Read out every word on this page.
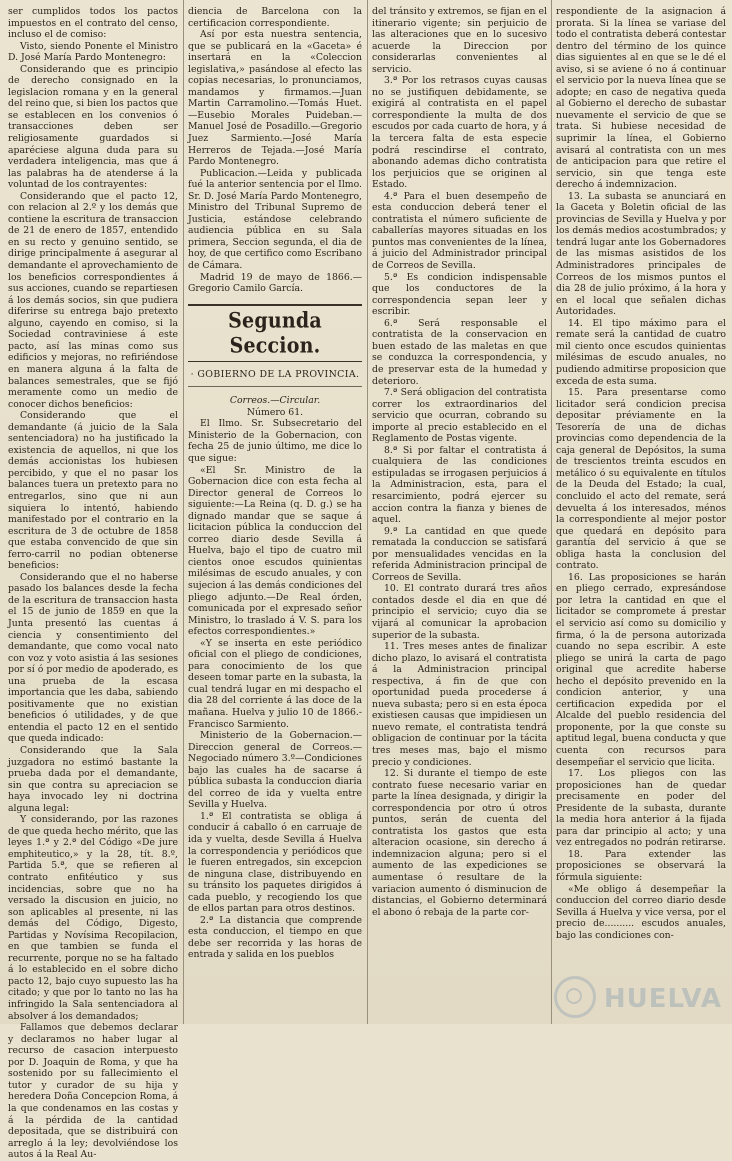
ser cumplidos todos los pactos impuestos en el contrato del censo, incluso el de comiso:

Visto, siendo Ponente el Ministro D. José María Pardo Montenegro:

Considerando que es principio de derecho consignado en la legislacion romana y en la general del reino que, si bien los pactos que se establecen en los convenios ó transacciones deben ser religiosamente guardados si aparéciese alguna duda para su verdadera inteligencia, mas que á las palabras ha de atenderse á la voluntad de los contrayentes:

Considerando que el pacto 12, con relacion al 2.º y los demás que contiene la escritura de transaccion de 21 de enero de 1857, entendido en su recto y genuino sentido, se dirige principalmente á asegurar al demandante el aprovechamiento de los beneficios correspondientes á sus acciones, cuando se repartiesen á los demás socios, sin que pudiera diferirse su entrega bajo pretexto alguno, cayendo en comiso, si la Sociedad contraviniese á este pacto, así las minas como sus edificios y mejoras, no refiriéndose en manera alguna á la falta de balances semestrales, que se fijó meramente como un medio de conocer dichos beneficios:

Considerando que el demandante (á juicio de la Sala sentenciadora) no ha justificado la existencia de aquellos, ni que los demás accionistas los hubiesen percibido, y que el no pasar los balances tuera un pretexto para no entregarlos, sino que ni aun siquiera lo intentó, habiendo manifestado por el contrario en la escritura de 3 de octubre de 1858 que estaba convencido de que sin ferro-carril no podian obtenerse beneficios:

Considerando que el no haberse pasado los balances desde la fecha de la escritura de transaccion hasta el 15 de junio de 1859 en que la Junta presentó las cuentas á ciencia y consentimiento del demandante, que como vocal nato con voz y voto asistia á las sesiones por sí ó por medio de apoderado, es una prueba de la escasa importancia que les daba, sabiendo positivamente que no existian beneficios ó utilidades, y de que entendia el pacto 12 en el sentido que queda indicado:

Considerando que la Sala juzgadora no estimó bastante la prueba dada por el demandante, sin que contra su apreciacion se haya invocado ley ni doctrina alguna legal:

Y considerando, por las razones de que queda hecho mérito, que las leyes 1.ª y 2.ª del Código «De jure emphiteutico,» y la 28, tít. 8.º, Partida 5.ª, que se refieren al contrato enfitéutico y sus incidencias, sobre que no ha versado la discusion en juicio, no son aplicables al presente, ni las demás del Código, Digesto, Partidas y Novísima Recopilacion, en que tambien se funda el recurrente, porque no se ha faltado á lo establecido en el sobre dicho pacto 12, bajo cuyo supuesto las ha citado; y que por lo tanto no las ha infringido la Sala sentenciadora al absolver á los demandados;

Fallamos que debemos declarar y declaramos no haber lugar al recurso de casacion interpuesto por D. Joaquin de Roma, y que ha sostenido por su fallecimiento el tutor y curador de su hija y heredera Doña Concepcion Roma, á la que condenamos en las costas y á la pérdida de la cantidad depositada, que se distribuirá con arreglo á la ley; devolviéndose los autos á la Real Au-

diencia de Barcelona con la certificacion correspondiente.

Así por esta nuestra sentencia, que se publicará en la «Gaceta» é insertará en la «Coleccion legislativa,» pasándose al efecto las copias necesarias, lo pronunciamos, mandamos y firmamos.—Juan Martin Carramolino.—Tomás Huet.—Eusebio Morales Puideban.—Manuel José de Posadillo.—Gregorio Juez Sarmiento.—José María Herreros de Tejada.—José María Pardo Montenegro.

Publicacion.—Leida y publicada fué la anterior sentencia por el Ilmo. Sr. D. José María Pardo Montenegro, Ministro del Tribunal Supremo de Justicia, estándose celebrando audiencia pública en su Sala primera, Seccion segunda, el dia de hoy, de que certifico como Escribano de Cámara.

Madrid 19 de mayo de 1866.—Gregorio Camilo García.

Segunda Seccion.

· GOBIERNO DE LA PROVINCIA.

Correos.—Circular.

Número 61.

El Ilmo. Sr. Subsecretario del Ministerio de la Gobernacion, con fecha 25 de junio último, me dice lo que sigue:

«El Sr. Ministro de la Gobernacion dice con esta fecha al Director general de Correos lo siguiente:—La Reina (q. D. g.) se ha dignado mandar que se saque á licitacion pública la conduccion del correo diario desde Sevilla á Huelva, bajo el tipo de cuatro mil cientos onoe escudos quinientas milésimas de escudo anuales, y con sujecion á las demás condiciones del pliego adjunto.—De Real órden, comunicada por el expresado señor Ministro, lo traslado á V. S. para los efectos correspondientes.»

«Y se inserta en este periódico oficial con el pliego de condiciones, para conocimiento de los que deseen tomar parte en la subasta, la cual tendrá lugar en mi despacho el dia 28 del corriente á las doce de la mañana. Huelva y julio 10 de 1866.-Francisco Sarmiento.

Ministerio de la Gobernacion.—Direccion general de Correos.—Negociado número 3.º—Condiciones bajo las cuales ha de sacarse á pública subasta la conduccion diaria del correo de ida y vuelta entre Sevilla y Huelva.

1.ª El contratista se obliga á conducir á caballo ó en carruaje de ida y vuelta, desde Sevilla á Huelva la correspondencia y periódicos que le fueren entregados, sin excepcion de ninguna clase, distribuyendo en su tránsito los paquetes dirigidos á cada pueblo, y recogiendo los que de ellos partan para otros destinos.

2.ª La distancia que comprende esta conduccion, el tiempo en que debe ser recorrida y las horas de entrada y salida en los pueblos

del tránsito y extremos, se fijan en el itinerario vigente; sin perjuicio de las alteraciones que en lo sucesivo acuerde la Direccion por considerarlas convenientes al servicio.

3.ª Por los retrasos cuyas causas no se justifiquen debidamente, se exigirá al contratista en el papel correspondiente la multa de dos escudos por cada cuarto de hora, y á la tercera falta de esta especie podrá rescindirse el contrato, abonando ademas dicho contratista los perjuicios que se originen al Estado.

4.ª Para el buen desempeño de esta conduccion deberá tener el contratista el número suficiente de caballerías mayores situadas en los puntos mas convenientes de la línea, á juicio del Administrador principal de Correos de Sevilla.

5.ª Es condicion indispensable que los conductores de la correspondencia sepan leer y escribir.

6.ª Será responsable el contratista de la conservacion en buen estado de las maletas en que se conduzca la correspondencia, y de preservar esta de la humedad y deterioro.

7.ª Será obligacion del contratista correr los extraordinarios del servicio que ocurran, cobrando su importe al precio establecido en el Reglamento de Postas vigente.

8.ª Si por faltar el contratista á cualquiera de las condiciones estipuladas se irrogasen perjuicios á la Administracion, esta, para el resarcimiento, podrá ejercer su accion contra la fianza y bienes de aquel.

9.ª La cantidad en que quede rematada la conduccion se satisfará por mensualidades vencidas en la referida Administracion principal de Correos de Sevilla.

10. El contrato durará tres años contados desde el dia en que dé principio el servicio; cuyo dia se vijará al comunicar la aprobacion superior de la subasta.

11. Tres meses antes de finalizar dicho plazo, lo avisará el contratista á la Administracion principal respectiva, á fin de que con oportunidad pueda procederse á nueva subasta; pero si en esta época existiesen causas que impidiesen un nuevo remate, el contratista tendrá obligacion de continuar por la tácita tres meses mas, bajo el mismo precio y condiciones.

12. Si durante el tiempo de este contrato fuese necesario variar en parte la línea designada, y dirigir la correspondencia por otro ú otros puntos, serán de cuenta del contratista los gastos que esta alteracion ocasione, sin derecho á indemnizacion alguna; pero si el aumento de las expediciones se aumentase ó resultare de la variacion aumento ó disminucion de distancias, el Gobierno determinará el abono ó rebaja de la parte cor-

respondiente de la asignacion á prorata. Si la línea se variase del todo el contratista deberá contestar dentro del término de los quince dias siguientes al en que se le dé el aviso, si se aviene ó no á continuar el servicio por la nueva línea que se adopte; en caso de negativa queda al Gobierno el derecho de subastar nuevamente el servicio de que se trata. Si hubiese necesidad de suprimir la línea, el Gobierno avisará al contratista con un mes de anticipacion para que retire el servicio, sin que tenga este derecho á indemnizacion.

13. La subasta se anunciará en la Gaceta y Boletin oficial de las provincias de Sevilla y Huelva y por los demás medios acostumbrados; y tendrá lugar ante los Gobernadores de las mismas asistidos de los Administradores principales de Correos de los mismos puntos el dia 28 de julio próximo, á la hora y en el local que señalen dichas Autoridades.

14. El tipo máximo para el remate será la cantidad de cuatro mil ciento once escudos quinientas milésimas de escudo anuales, no pudiendo admitirse proposicion que exceda de esta suma.

15. Para presentarse como licitador será condicion precisa depositar préviamente en la Tesorería de una de dichas provincias como dependencia de la caja general de Depósitos, la suma de trescientos treinta escudos en metálico ó su equivalente en títulos de la Deuda del Estado; la cual, concluido el acto del remate, será devuelta á los interesados, ménos la correspondiente al mejor postor que quedará en depósito para garantía del servicio á que se obliga hasta la conclusion del contrato.

16. Las proposiciones se harán en pliego cerrado, expresándose por letra la cantidad en que el licitador se compromete á prestar el servicio así como su domicilio y firma, ó la de persona autorizada cuando no sepa escribir. A este pliego se unirá la carta de pago original que acredite haberse hecho el depósito prevenido en la condicion anterior, y una certificacion expedida por el Alcalde del pueblo residencia del proponente, por la que conste su aptitud legal, buena conducta y que cuenta con recursos para desempeñar el servicio que licita.

17. Los pliegos con las proposiciones han de quedar precisamente en poder del Presidente de la subasta, durante la media hora anterior á la fijada para dar principio al acto; y una vez entregados no podrán retirarse.

18. Para extender las proposiciones se observará la fórmula siguiente:

«Me obligo á desempeñar la conduccion del correo diario desde Sevilla á Huelva y vice versa, por el precio de.......... escudos anuales, bajo las condiciones con-

HUELVA
